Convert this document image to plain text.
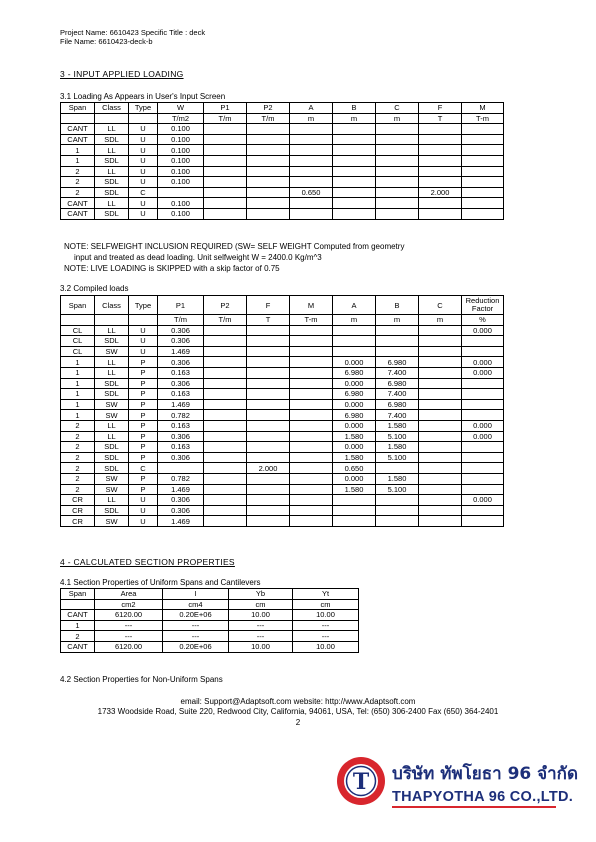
Project Name: 6610423 Specific Title : deck
File Name: 6610423-deck-b
3 - INPUT APPLIED LOADING
3.1 Loading As Appears in User's Input Screen
Span	Class	Type	W	P1	P2	A	B	C	F	M
			T/m2	T/m	T/m	m	m	m	T	T-m
CANT	LL	U	0.100							
CANT	SDL	U	0.100							
1	LL	U	0.100							
1	SDL	U	0.100							
2	LL	U	0.100							
2	SDL	U	0.100							
2	SDL	C				0.650			2.000	
CANT	LL	U	0.100							
CANT	SDL	U	0.100							
NOTE: SELFWEIGHT INCLUSION REQUIRED (SW= SELF WEIGHT Computed from geometry
input and treated as dead loading. Unit selfweight W = 2400.0 Kg/m^3
NOTE: LIVE LOADING is SKIPPED with a skip factor of 0.75
3.2 Compiled loads
Span	Class	Type	P1	P2	F	M	A	B	C	Reduction Factor
			T/m	T/m	T	T-m	m	m	m	%
CL	LL	U	0.306							0.000
CL	SDL	U	0.306							
CL	SW	U	1.469							
1	LL	P	0.306				0.000	6.980		0.000
1	LL	P	0.163				6.980	7.400		0.000
1	SDL	P	0.306				0.000	6.980		
1	SDL	P	0.163				6.980	7.400		
1	SW	P	1.469				0.000	6.980		
1	SW	P	0.782				6.980	7.400		
2	LL	P	0.163				0.000	1.580		0.000
2	LL	P	0.306				1.580	5.100		0.000
2	SDL	P	0.163				0.000	1.580		
2	SDL	P	0.306				1.580	5.100		
2	SDL	C			2.000		0.650			
2	SW	P	0.782				0.000	1.580		
2	SW	P	1.469				1.580	5.100		
CR	LL	U	0.306							0.000
CR	SDL	U	0.306							
CR	SW	U	1.469							
4 - CALCULATED SECTION PROPERTIES
4.1 Section Properties of Uniform Spans and Cantilevers
Span	Area	I	Yb	Yt
	cm2	cm4	cm	cm
CANT	6120.00	0.20E+06	10.00	10.00
1	---	---	---	---
2	---	---	---	---
CANT	6120.00	0.20E+06	10.00	10.00
4.2 Section Properties for Non-Uniform Spans
email: Support@Adaptsoft.com website: http://www.Adaptsoft.com
1733 Woodside Road, Suite 220, Redwood City, California, 94061, USA, Tel: (650) 306-2400 Fax (650) 364-2401
2
T บริษัท ทัพโยธา 96 จำกัด
THAPYOTHA 96 CO.,LTD.
